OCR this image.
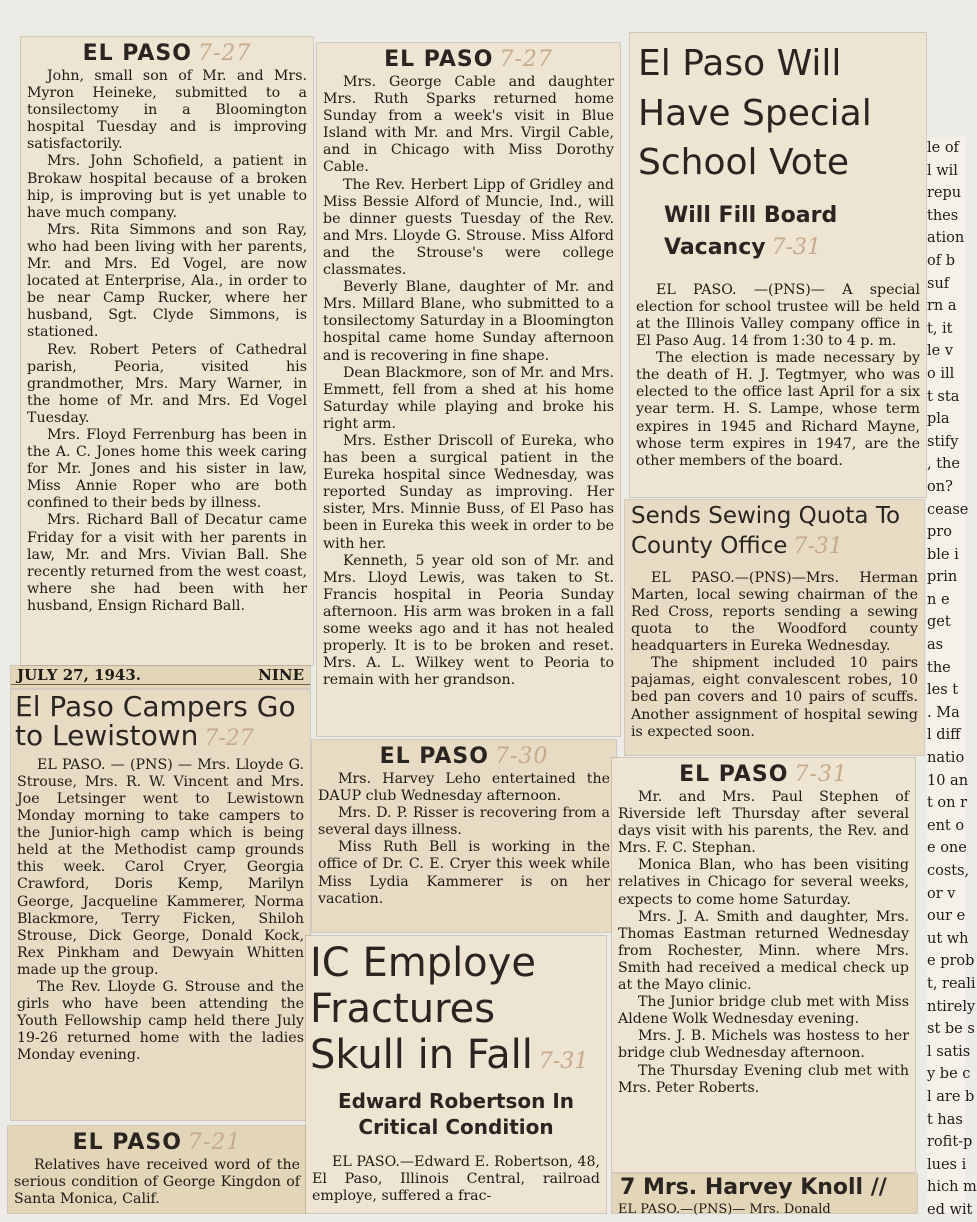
EL PASO 7-27

John, small son of Mr. and Mrs. Myron Heineke, submitted to a tonsilectomy in a Bloomington hospital Tuesday and is improving satisfactorily.

Mrs. John Schofield, a patient in Brokaw hospital because of a broken hip, is improving but is yet unable to have much company.

Mrs. Rita Simmons and son Ray, who had been living with her parents, Mr. and Mrs. Ed Vogel, are now located at Enterprise, Ala., in order to be near Camp Rucker, where her husband, Sgt. Clyde Simmons, is stationed.

Rev. Robert Peters of Cathedral parish, Peoria, visited his grandmother, Mrs. Mary Warner, in the home of Mr. and Mrs. Ed Vogel Tuesday.

Mrs. Floyd Ferrenburg has been in the A. C. Jones home this week caring for Mr. Jones and his sister in law, Miss Annie Roper who are both confined to their beds by illness.

Mrs. Richard Ball of Decatur came Friday for a visit with her parents in law, Mr. and Mrs. Vivian Ball. She recently returned from the west coast, where she had been with her husband, Ensign Richard Ball.

JULY 27, 1943.	NINE
El Paso Campers Go to Lewistown 7-27

EL PASO. — (PNS) — Mrs. Lloyde G. Strouse, Mrs. R. W. Vincent and Mrs. Joe Letsinger went to Lewistown Monday morning to take campers to the Junior-high camp which is being held at the Methodist camp grounds this week. Carol Cryer, Georgia Crawford, Doris Kemp, Marilyn George, Jacqueline Kammerer, Norma Blackmore, Terry Ficken, Shiloh Strouse, Dick George, Donald Kock, Rex Pinkham and Dewyain Whitten made up the group.

The Rev. Lloyde G. Strouse and the girls who have been attending the Youth Fellowship camp held there July 19-26 returned home with the ladies Monday evening.

EL PASO 7-21

Relatives have received word of the serious condition of George Kingdon of Santa Monica, Calif.

EL PASO 7-27

Mrs. George Cable and daughter Mrs. Ruth Sparks returned home Sunday from a week's visit in Blue Island with Mr. and Mrs. Virgil Cable, and in Chicago with Miss Dorothy Cable.

The Rev. Herbert Lipp of Gridley and Miss Bessie Alford of Muncie, Ind., will be dinner guests Tuesday of the Rev. and Mrs. Lloyde G. Strouse. Miss Alford and the Strouse's were college classmates.

Beverly Blane, daughter of Mr. and Mrs. Millard Blane, who submitted to a tonsilectomy Saturday in a Bloomington hospital came home Sunday afternoon and is recovering in fine shape.

Dean Blackmore, son of Mr. and Mrs. Emmett, fell from a shed at his home Saturday while playing and broke his right arm.

Mrs. Esther Driscoll of Eureka, who has been a surgical patient in the Eureka hospital since Wednesday, was reported Sunday as improving. Her sister, Mrs. Minnie Buss, of El Paso has been in Eureka this week in order to be with her.

Kenneth, 5 year old son of Mr. and Mrs. Lloyd Lewis, was taken to St. Francis hospital in Peoria Sunday afternoon. His arm was broken in a fall some weeks ago and it has not healed properly. It is to be broken and reset. Mrs. A. L. Wilkey went to Peoria to remain with her grandson.

EL PASO 7-30

Mrs. Harvey Leho entertained the DAUP club Wednesday afternoon.

Mrs. D. P. Risser is recovering from a several days illness.

Miss Ruth Bell is working in the office of Dr. C. E. Cryer this week while Miss Lydia Kammerer is on her vacation.

IC Employe Fractures Skull in Fall 7-31
Edward Robertson In Critical Condition

EL PASO.—Edward E. Robertson, 48, El Paso, Illinois Central, railroad employe, suffered a frac-

El Paso Will Have Special School Vote
Will Fill Board Vacancy 7-31

EL PASO. —(PNS)— A special election for school trustee will be held at the Illinois Valley company office in El Paso Aug. 14 from 1:30 to 4 p. m.

The election is made necessary by the death of H. J. Tegtmyer, who was elected to the office last April for a six year term. H. S. Lampe, whose term expires in 1945 and Richard Mayne, whose term expires in 1947, are the other members of the board.

Sends Sewing Quota To County Office 7-31

EL PASO.—(PNS)—Mrs. Herman Marten, local sewing chairman of the Red Cross, reports sending a sewing quota to the Woodford county headquarters in Eureka Wednesday.

The shipment included 10 pairs pajamas, eight convalescent robes, 10 bed pan covers and 10 pairs of scuffs. Another assignment of hospital sewing is expected soon.

EL PASO 7-31

Mr. and Mrs. Paul Stephen of Riverside left Thursday after several days visit with his parents, the Rev. and Mrs. F. C. Stephan.

Monica Blan, who has been visiting relatives in Chicago for several weeks, expects to come home Saturday.

Mrs. J. A. Smith and daughter, Mrs. Thomas Eastman returned Wednesday from Rochester, Minn. where Mrs. Smith had received a medical check up at the Mayo clinic.

The Junior bridge club met with Miss Aldene Wolk Wednesday evening.

Mrs. J. B. Michels was hostess to her bridge club Wednesday afternoon.

The Thursday Evening club met with Mrs. Peter Roberts.

7 Mrs. Harvey Knoll //
EL PASO.—(PNS)— Mrs. Donald
le of
l wil
repu
thes
ation
of b
suf
rn a
t, it
le v
o ill
t sta
pla
stify
, the
on?
cease
pro
ble i
prin
n e
get
as
the
les t
. Ma
l diff
natio
10 an
t on r
ent o
e one
costs,
or v
our e
ut wh
e prob
t, reali
ntirely
st be s
l satis
y be c
l are b
t has
rofit-p
lues i
hich m
ed wit
